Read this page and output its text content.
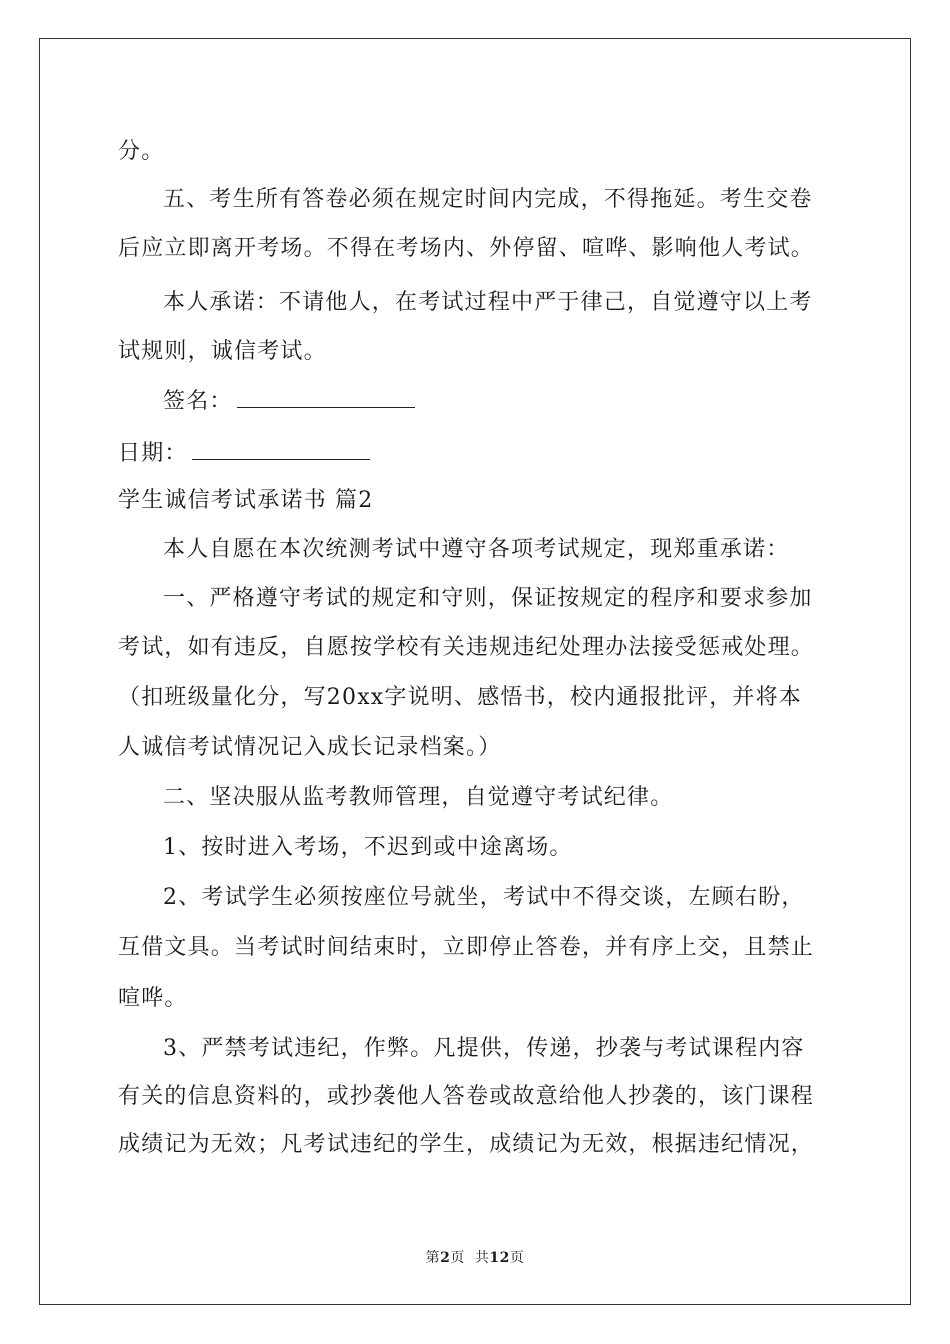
分。
五、考生所有答卷必须在规定时间内完成，不得拖延。考生交卷
后应立即离开考场。不得在考场内、外停留、喧哗、影响他人考试。
本人承诺：不请他人，在考试过程中严于律己，自觉遵守以上考
试规则，诚信考试。
签名：
日期：
学生诚信考试承诺书 篇2
本人自愿在本次统测考试中遵守各项考试规定，现郑重承诺：
一、严格遵守考试的规定和守则，保证按规定的程序和要求参加
考试，如有违反，自愿按学校有关违规违纪处理办法接受惩戒处理。
（扣班级量化分，写20xx字说明、感悟书，校内通报批评，并将本
人诚信考试情况记入成长记录档案。）
二、坚决服从监考教师管理，自觉遵守考试纪律。
1、按时进入考场，不迟到或中途离场。
2、考试学生必须按座位号就坐，考试中不得交谈，左顾右盼，
互借文具。当考试时间结束时，立即停止答卷，并有序上交，且禁止
喧哗。
3、严禁考试违纪，作弊。凡提供，传递，抄袭与考试课程内容
有关的信息资料的，或抄袭他人答卷或故意给他人抄袭的，该门课程
成绩记为无效；凡考试违纪的学生，成绩记为无效，根据违纪情况，
第2页  共12页
